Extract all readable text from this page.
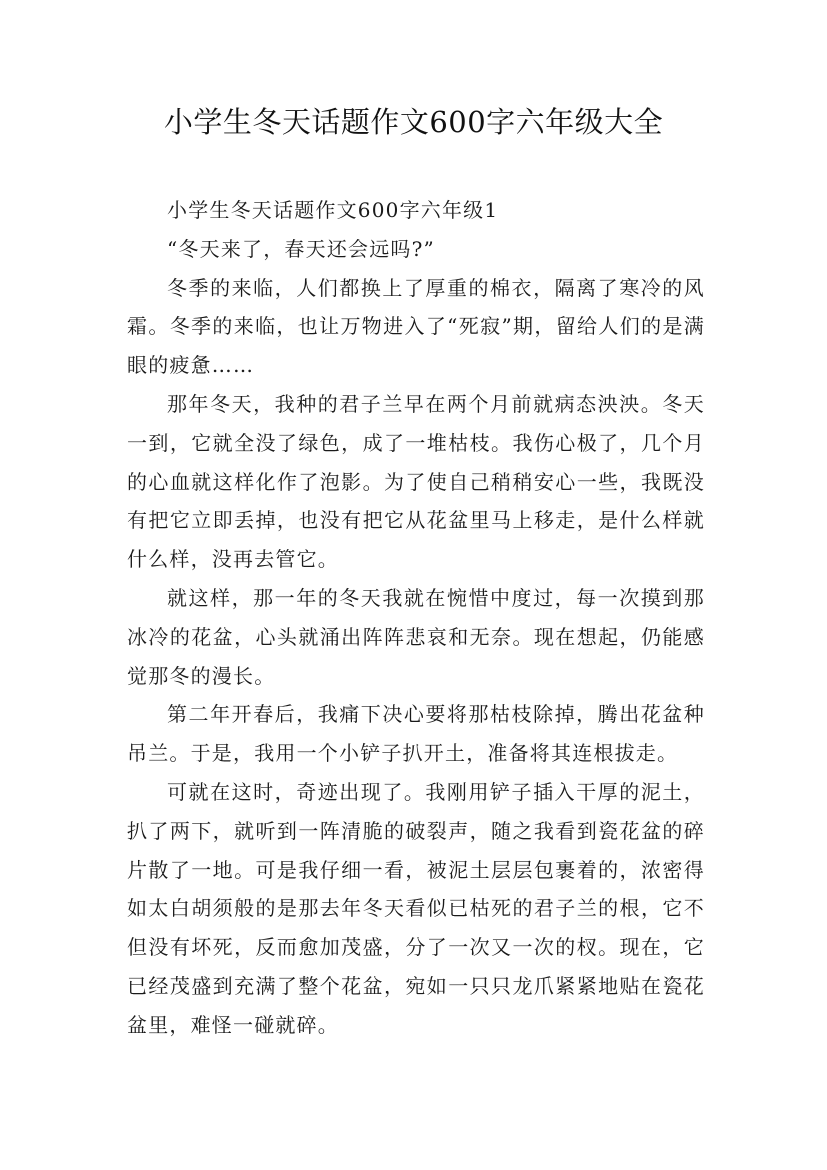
小学生冬天话题作文600字六年级大全

小学生冬天话题作文600字六年级1

“冬天来了，春天还会远吗?”

冬季的来临，人们都换上了厚重的棉衣，隔离了寒冷的风霜。冬季的来临，也让万物进入了“死寂”期，留给人们的是满眼的疲惫……

那年冬天，我种的君子兰早在两个月前就病态泱泱。冬天一到，它就全没了绿色，成了一堆枯枝。我伤心极了，几个月的心血就这样化作了泡影。为了使自己稍稍安心一些，我既没有把它立即丢掉，也没有把它从花盆里马上移走，是什么样就什么样，没再去管它。

就这样，那一年的冬天我就在惋惜中度过，每一次摸到那冰冷的花盆，心头就涌出阵阵悲哀和无奈。现在想起，仍能感觉那冬的漫长。

第二年开春后，我痛下决心要将那枯枝除掉，腾出花盆种吊兰。于是，我用一个小铲子扒开土，准备将其连根拔走。

可就在这时，奇迹出现了。我刚用铲子插入干厚的泥土，扒了两下，就听到一阵清脆的破裂声，随之我看到瓷花盆的碎片散了一地。可是我仔细一看，被泥土层层包裹着的，浓密得如太白胡须般的是那去年冬天看似已枯死的君子兰的根，它不但没有坏死，反而愈加茂盛，分了一次又一次的杈。现在，它已经茂盛到充满了整个花盆，宛如一只只龙爪紧紧地贴在瓷花盆里，难怪一碰就碎。
